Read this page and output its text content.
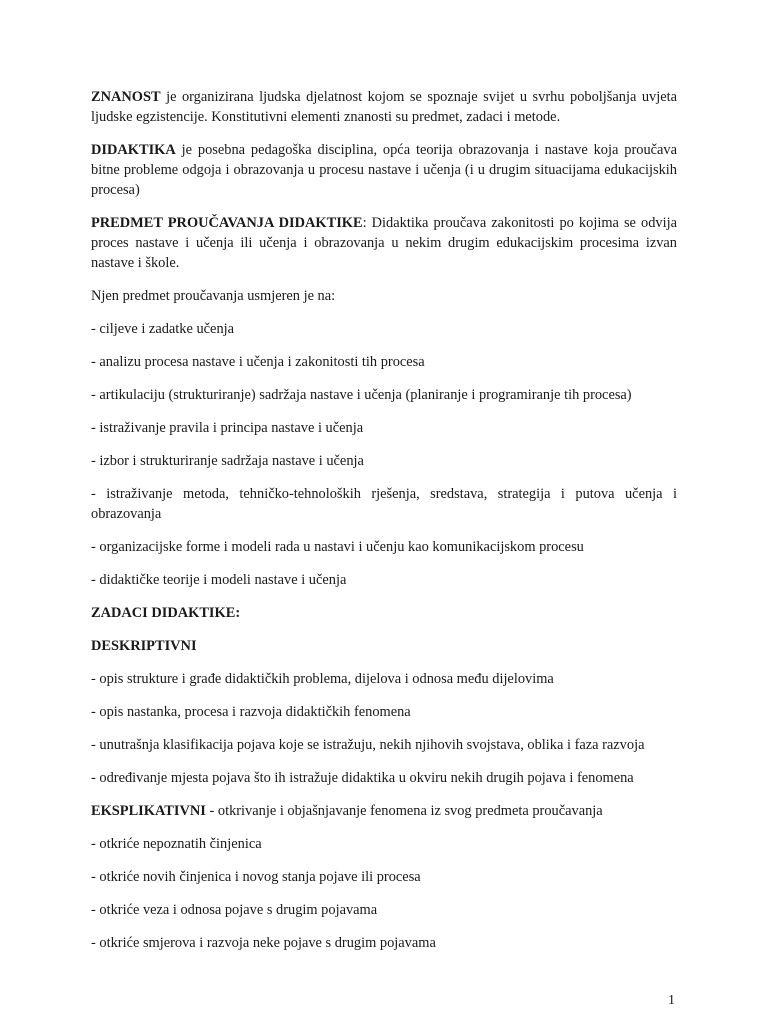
ZNANOST je organizirana ljudska djelatnost kojom se spoznaje svijet u svrhu poboljšanja uvjeta ljudske egzistencije. Konstitutivni elementi znanosti su predmet, zadaci i metode.

DIDAKTIKA je posebna pedagoška disciplina, opća teorija obrazovanja i nastave koja proučava bitne probleme odgoja i obrazovanja u procesu nastave i učenja (i u drugim situacijama edukacijskih procesa)

PREDMET PROUČAVANJA DIDAKTIKE: Didaktika proučava zakonitosti po kojima se odvija proces nastave i učenja ili učenja i obrazovanja u nekim drugim edukacijskim procesima izvan nastave i škole.

Njen predmet proučavanja usmjeren je na:

- ciljeve i zadatke učenja

- analizu procesa nastave i učenja i zakonitosti tih procesa

- artikulaciju (strukturiranje) sadržaja nastave i učenja (planiranje i programiranje tih procesa)

- istraživanje pravila i principa nastave i učenja

- izbor i strukturiranje sadržaja nastave i učenja

- istraživanje metoda, tehničko-tehnoloških rješenja, sredstava, strategija i putova učenja i obrazovanja

- organizacijske forme i modeli rada u nastavi i učenju kao komunikacijskom procesu

- didaktičke teorije i modeli nastave i učenja

ZADACI DIDAKTIKE:

DESKRIPTIVNI

- opis strukture i građe didaktičkih problema, dijelova i odnosa među dijelovima

- opis nastanka, procesa i razvoja didaktičkih fenomena

- unutrašnja klasifikacija pojava koje se istražuju, nekih njihovih svojstava, oblika i faza razvoja

- određivanje mjesta pojava što ih istražuje didaktika u okviru nekih drugih pojava i fenomena

EKSPLIKATIVNI - otkrivanje i objašnjavanje fenomena iz svog predmeta proučavanja

- otkriće nepoznatih činjenica

- otkriće novih činjenica i novog stanja pojave ili procesa

- otkriće veza i odnosa pojave s drugim pojavama

- otkriće smjerova i razvoja neke pojave s drugim pojavama

1
